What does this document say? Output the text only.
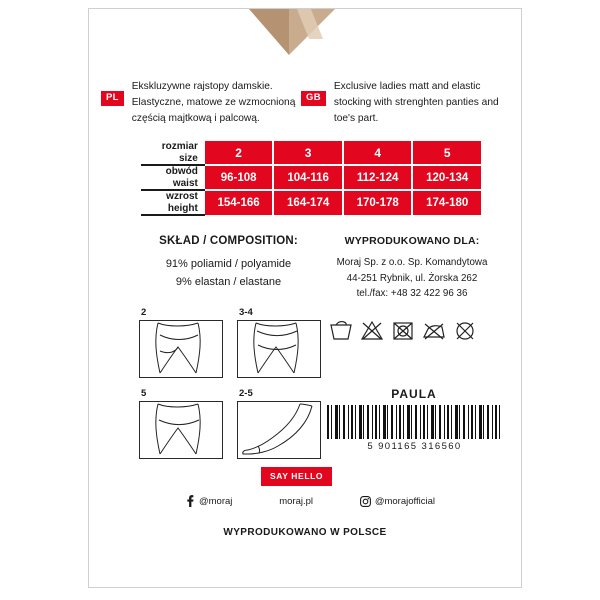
PL
Ekskluzywne rajstopy damskie. Elastyczne, matowe ze wzmocnioną częścią majtkową i palcową.
GB
Exclusive ladies matt and elastic stocking with strenghten panties and toe's part.
rozmiar
size	2	3	4	5

obwód
waist	96-108	104-116	112-124	120-134

wzrost
height	154-166	164-174	170-178	174-180
SKŁAD / COMPOSITION:
91% poliamid / polyamide
9% elastan / elastane
WYPRODUKOWANO DLA:
Moraj Sp. z o.o. Sp. Komandytowa
44-251 Rybnik, ul. Żorska 262
tel./fax: +48 32 422 96 36
2	3-4
5	2-5	PAULA
5 901165 316560
SAY HELLO
@moraj	moraj.pl	@morajofficial
WYPRODUKOWANO W POLSCE
